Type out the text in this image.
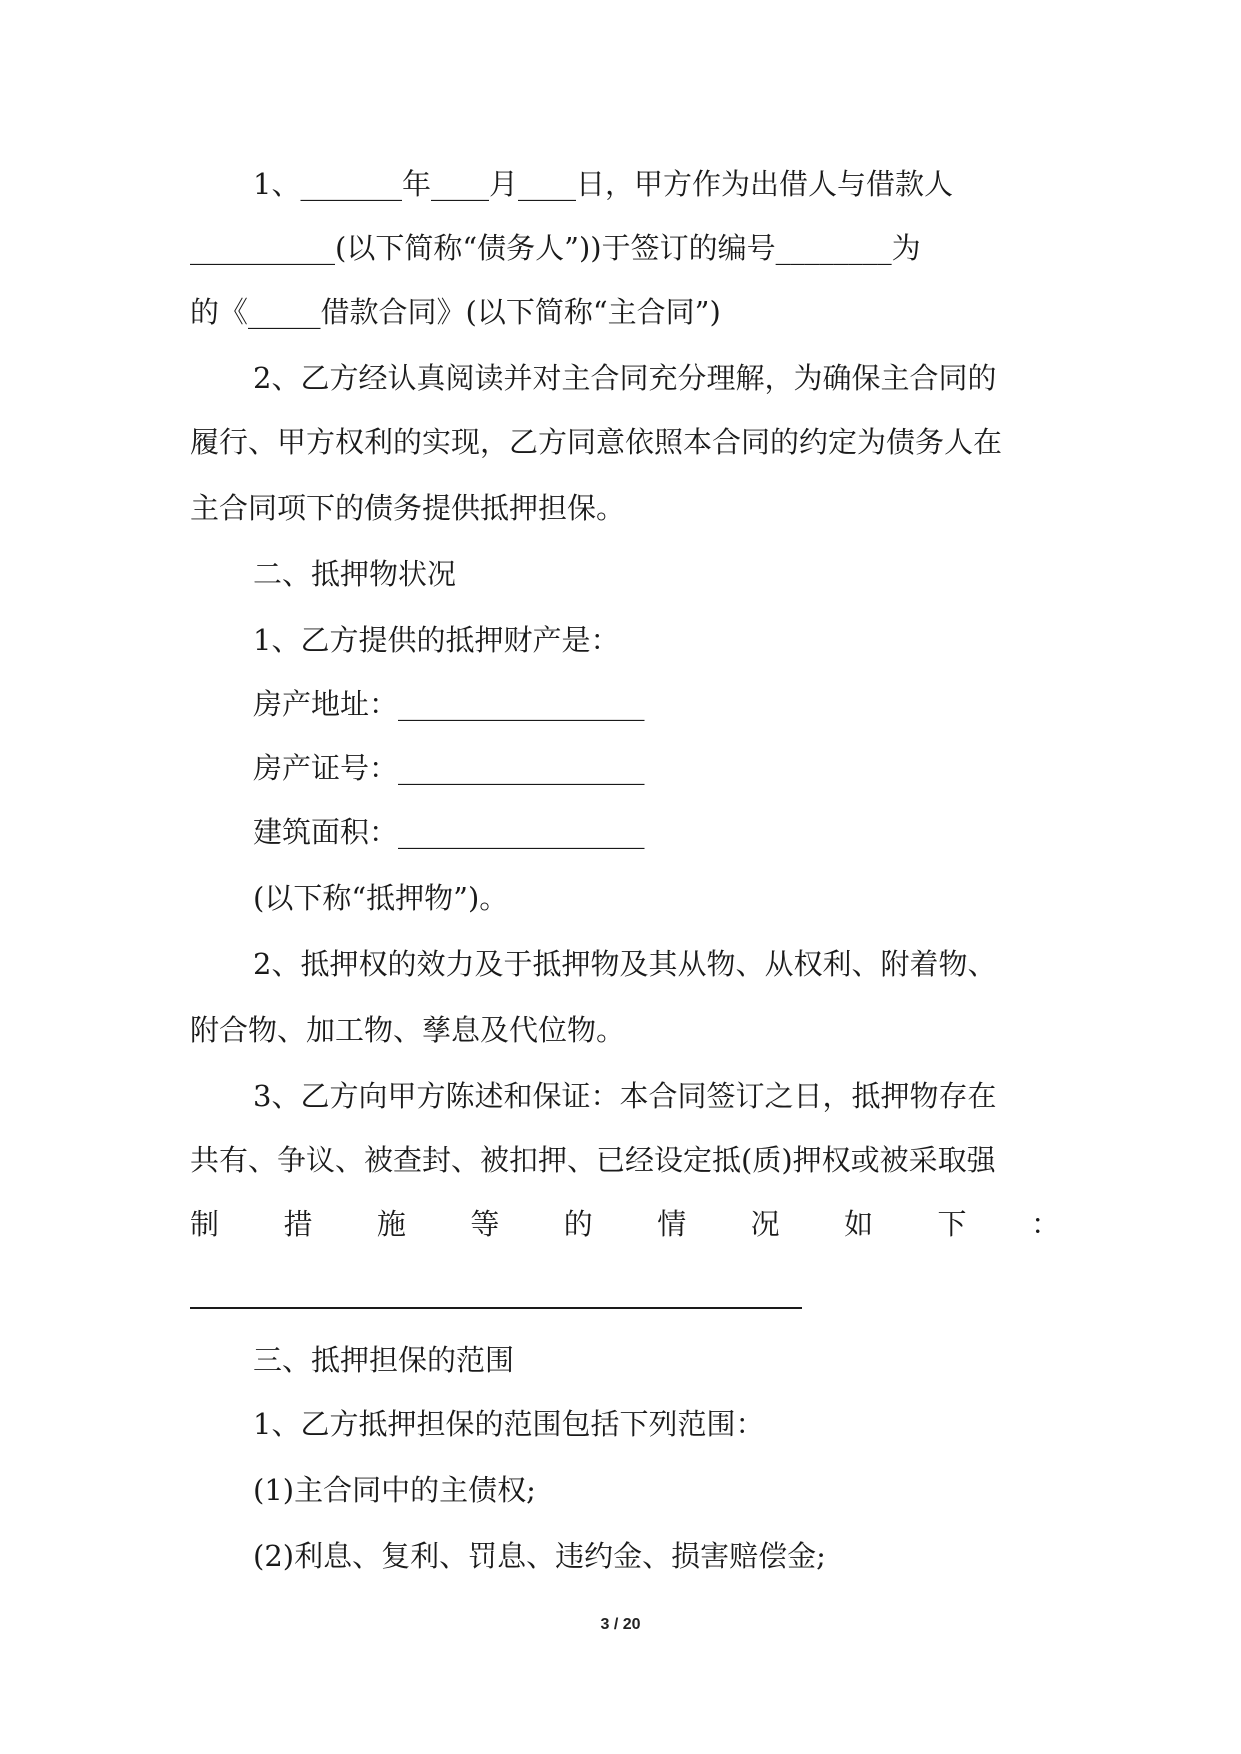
1、_______年____月____日，甲方作为出借人与借款人
__________(以下简称“债务人”))于签订的编号________为
的《_____借款合同》(以下简称“主合同”)
2、乙方经认真阅读并对主合同充分理解，为确保主合同的
履行、甲方权利的实现，乙方同意依照本合同的约定为债务人在
主合同项下的债务提供抵押担保。
二、抵押物状况
1、乙方提供的抵押财产是：
房产地址：_________________
房产证号：_________________
建筑面积：_________________
(以下称“抵押物”)。
2、抵押权的效力及于抵押物及其从物、从权利、附着物、
附合物、加工物、孳息及代位物。
3、乙方向甲方陈述和保证：本合同签订之日，抵押物存在
共有、争议、被查封、被扣押、已经设定抵(质)押权或被采取强
制 措 施 等 的 情 况 如 下 ：
三、抵押担保的范围
1、乙方抵押担保的范围包括下列范围：
(1)主合同中的主债权;
(2)利息、复利、罚息、违约金、损害赔偿金;
3 / 20
